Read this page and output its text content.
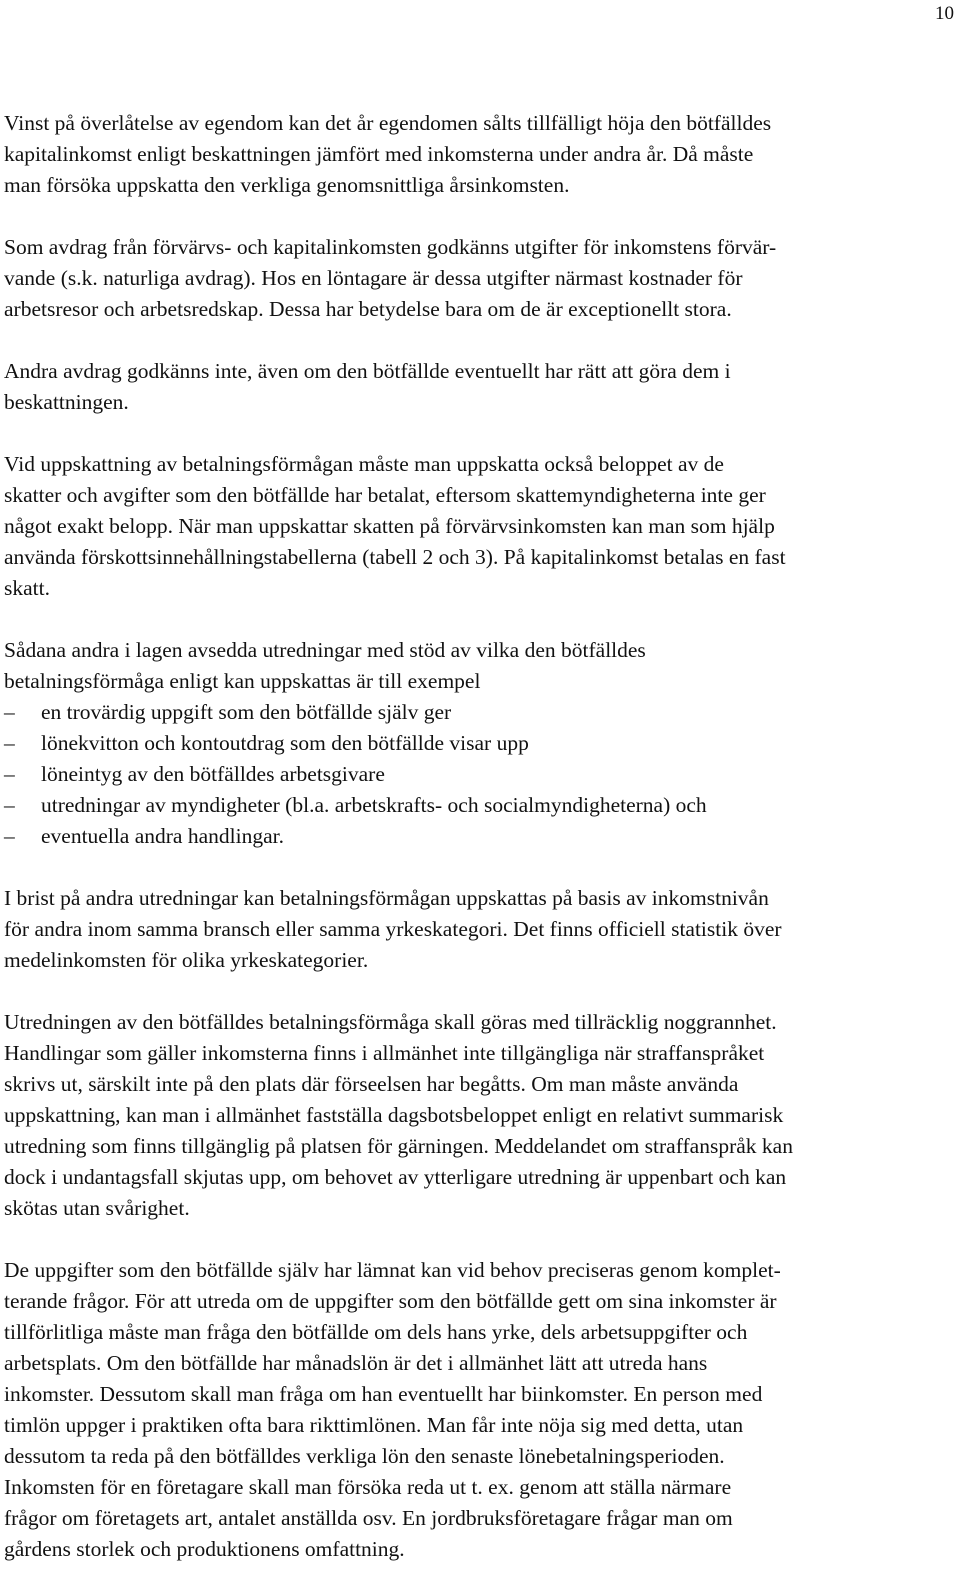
10

Vinst på överlåtelse av egendom kan det år egendomen sålts tillfälligt höja den bötfälldes
kapitalinkomst enligt beskattningen jämfört med inkomsterna under andra år. Då måste
man försöka uppskatta den verkliga genomsnittliga årsinkomsten.

Som avdrag från förvärvs- och kapitalinkomsten godkänns utgifter för inkomstens förvär-
vande (s.k. naturliga avdrag). Hos en löntagare är dessa utgifter närmast kostnader för
arbetsresor och arbetsredskap. Dessa har betydelse bara om de är exceptionellt stora.

Andra avdrag godkänns inte, även om den bötfällde eventuellt har rätt att göra dem i
beskattningen.

Vid uppskattning av betalningsförmågan måste man uppskatta också beloppet av de
skatter och avgifter som den bötfällde har betalat, eftersom skattemyndigheterna inte ger
något exakt belopp. När man uppskattar skatten på förvärvsinkomsten kan man som hjälp
använda förskottsinnehållningstabellerna (tabell 2 och 3). På kapitalinkomst betalas en fast
skatt.

Sådana andra i lagen avsedda utredningar med stöd av vilka den bötfälldes
betalningsförmåga enligt kan uppskattas är till exempel

– en trovärdig uppgift som den bötfällde själv ger
– lönekvitton och kontoutdrag som den bötfällde visar upp
– löneintyg av den bötfälldes arbetsgivare
– utredningar av myndigheter (bl.a. arbetskrafts- och socialmyndigheterna) och
– eventuella andra handlingar.

I brist på andra utredningar kan betalningsförmågan uppskattas på basis av inkomstnivån
för andra inom samma bransch eller samma yrkeskategori. Det finns officiell statistik över
medelinkomsten för olika yrkeskategorier.

Utredningen av den bötfälldes betalningsförmåga skall göras med tillräcklig noggrannhet.
Handlingar som gäller inkomsterna finns i allmänhet inte tillgängliga när straffanspråket
skrivs ut, särskilt inte på den plats där förseelsen har begåtts. Om man måste använda
uppskattning, kan man i allmänhet fastställa dagsbotsbeloppet enligt en relativt summarisk
utredning som finns tillgänglig på platsen för gärningen. Meddelandet om straffanspråk kan
dock i undantagsfall skjutas upp, om behovet av ytterligare utredning är uppenbart och kan
skötas utan svårighet.

De uppgifter som den bötfällde själv har lämnat kan vid behov preciseras genom komplet-
terande frågor. För att utreda om de uppgifter som den bötfällde gett om sina inkomster är
tillförlitliga måste man fråga den bötfällde om dels hans yrke, dels arbetsuppgifter och
arbetsplats. Om den bötfällde har månadslön är det i allmänhet lätt att utreda hans
inkomster. Dessutom skall man fråga om han eventuellt har biinkomster. En person med
timlön uppger i praktiken ofta bara rikttimlönen. Man får inte nöja sig med detta, utan
dessutom ta reda på den bötfälldes verkliga lön den senaste lönebetalningsperioden.
Inkomsten för en företagare skall man försöka reda ut t. ex. genom att ställa närmare
frågor om företagets art, antalet anställda osv. En jordbruksföretagare frågar man om
gårdens storlek och produktionens omfattning.
